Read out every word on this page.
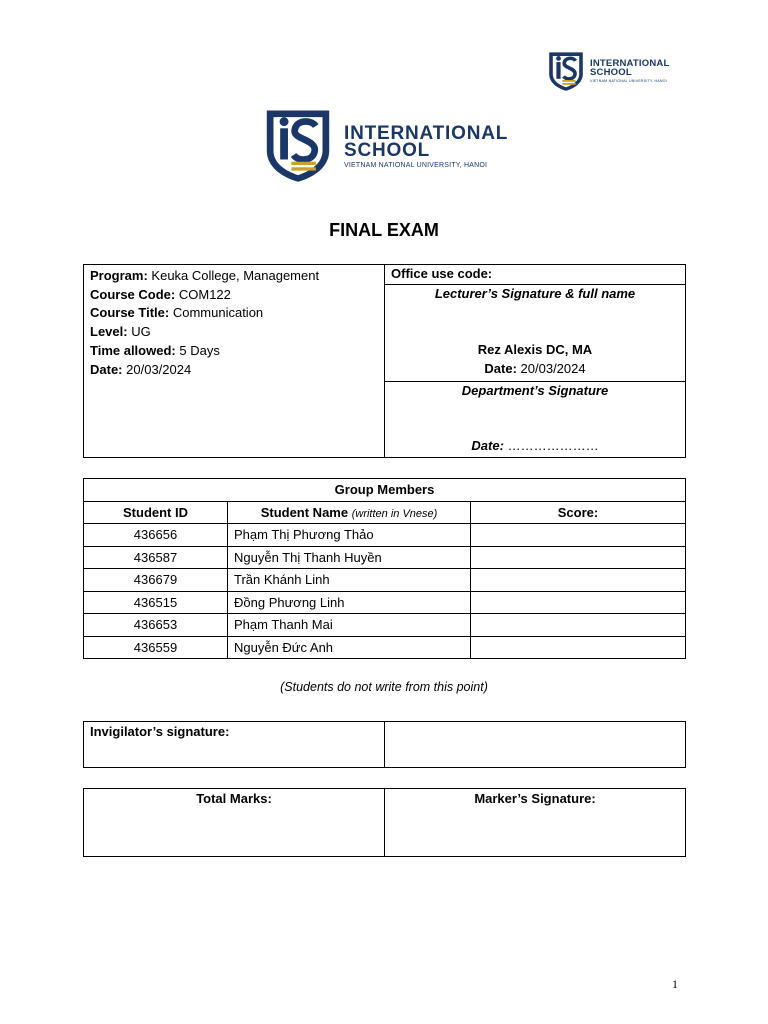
INTERNATIONAL
SCHOOL
VIETNAM NATIONAL UNIVERSITY, HANOI
INTERNATIONAL
SCHOOL
VIETNAM NATIONAL UNIVERSITY, HANOI
FINAL EXAM
Program: Keuka College, Management
Course Code: COM122
Course Title: Communication
Level: UG
Time allowed: 5 Days
Date: 20/03/2024

Office use code:
Lecturer’s Signature & full name
Rez Alexis DC, MA
Date: 20/03/2024
Department’s Signature
Date: …………………
Group Members		
Student ID	Student Name (written in Vnese)	Score:
436656	Phạm Thị Phương Thảo	
436587	Nguyễn Thị Thanh Huyền	
436679	Trần Khánh Linh	
436515	Đồng Phương Linh	
436653	Phạm Thanh Mai	
436559	Nguyễn Đức Anh	
(Students do not write from this point)
Invigilator’s signature:	
Total Marks:	Marker’s Signature:
1
